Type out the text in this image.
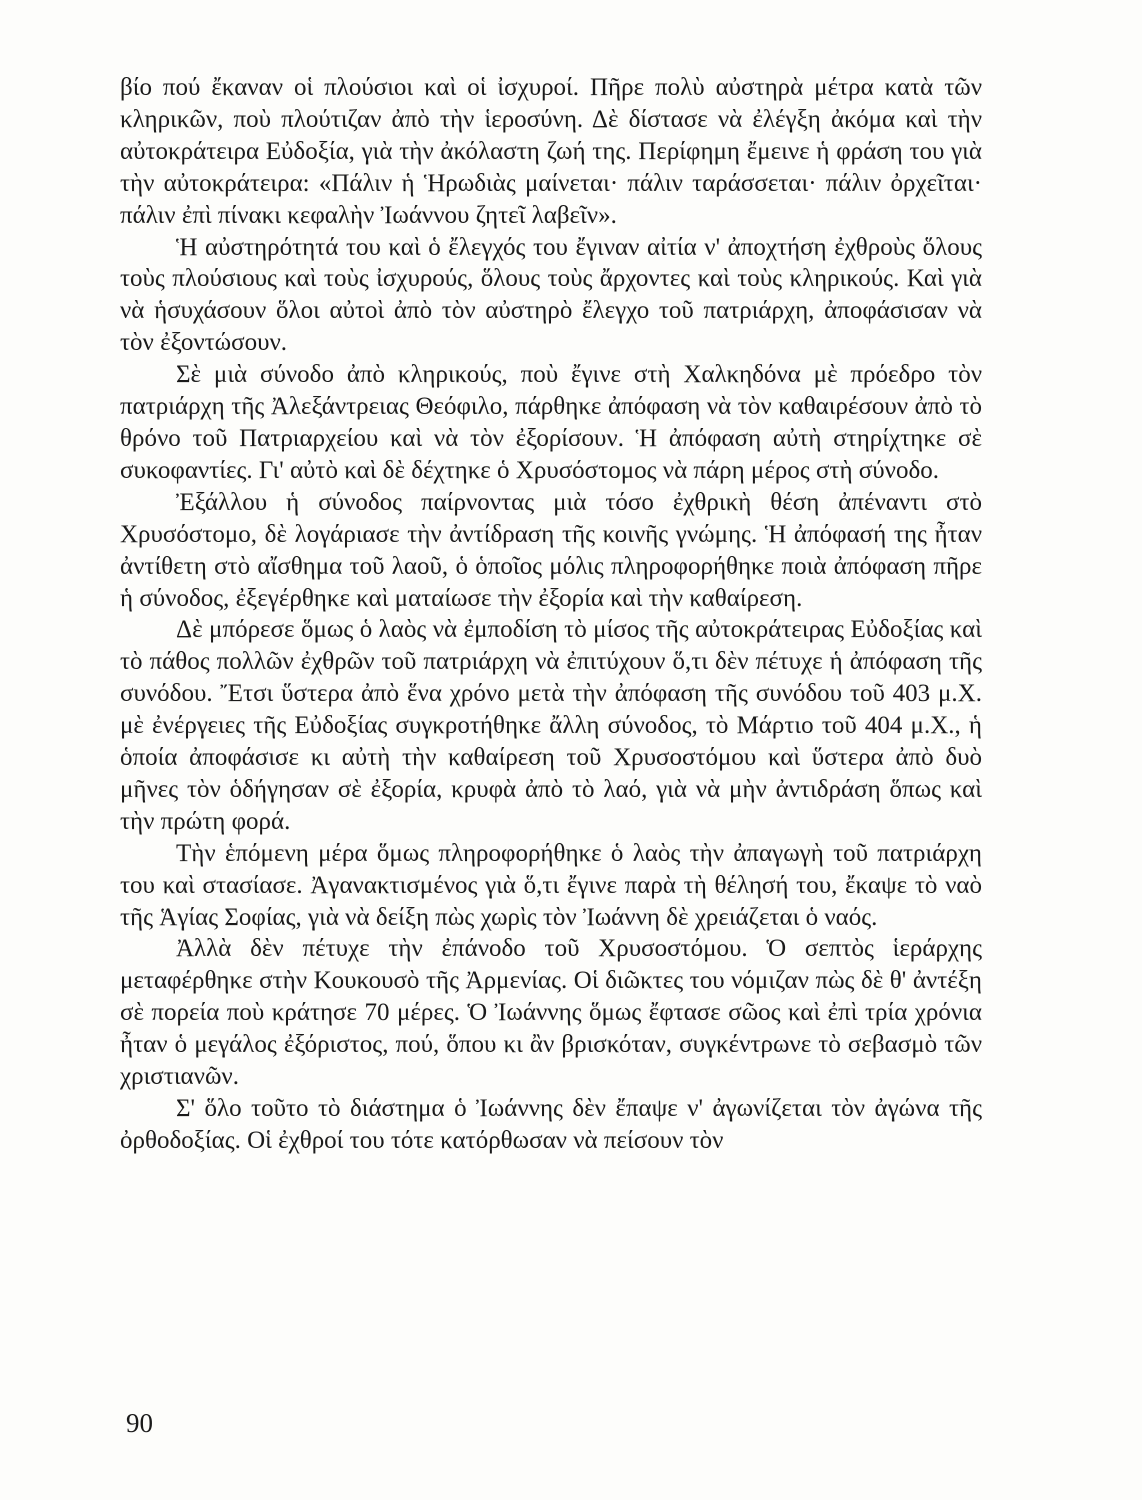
βίο πού ἔκαναν οἱ πλούσιοι καὶ οἱ ἰσχυροί. Πῆρε πολὺ αὐστηρὰ μέτρα κατὰ τῶν κληρικῶν, ποὺ πλούτιζαν ἀπὸ τὴν ἱεροσύνη. Δὲ δίστασε νὰ ἐλέγξη ἀκόμα καὶ τὴν αὐτοκράτειρα Εὐδοξία, γιὰ τὴν ἀκόλαστη ζωή της. Περίφημη ἔμεινε ἡ φράση του γιὰ τὴν αὐτοκράτειρα: «Πάλιν ἡ Ἡρωδιὰς μαίνεται· πάλιν ταράσσεται· πάλιν ὀρχεῖται· πάλιν ἐπὶ πίνακι κεφαλὴν Ἰωάννου ζητεῖ λαβεῖν».

Ἡ αὐστηρότητά του καὶ ὁ ἔλεγχός του ἔγιναν αἰτία ν' ἀποχτήση ἐχθροὺς ὅλους τοὺς πλούσιους καὶ τοὺς ἰσχυρούς, ὅλους τοὺς ἄρχοντες καὶ τοὺς κληρικούς. Καὶ γιὰ νὰ ἡσυχάσουν ὅλοι αὐτοὶ ἀπὸ τὸν αὐστηρὸ ἔλεγχο τοῦ πατριάρχη, ἀποφάσισαν νὰ τὸν ἐξοντώσουν.

Σὲ μιὰ σύνοδο ἀπὸ κληρικούς, ποὺ ἔγινε στὴ Χαλκηδόνα μὲ πρόεδρο τὸν πατριάρχη τῆς Ἀλεξάντρειας Θεόφιλο, πάρθηκε ἀπόφαση νὰ τὸν καθαιρέσουν ἀπὸ τὸ θρόνο τοῦ Πατριαρχείου καὶ νὰ τὸν ἐξορίσουν. Ἡ ἀπόφαση αὐτὴ στηρίχτηκε σὲ συκοφαντίες. Γι' αὐτὸ καὶ δὲ δέχτηκε ὁ Χρυσόστομος νὰ πάρη μέρος στὴ σύνοδο.

Ἐξάλλου ἡ σύνοδος παίρνοντας μιὰ τόσο ἐχθρικὴ θέση ἀπέναντι στὸ Χρυσόστομο, δὲ λογάριασε τὴν ἀντίδραση τῆς κοινῆς γνώμης. Ἡ ἀπόφασή της ἦταν ἀντίθετη στὸ αἴσθημα τοῦ λαοῦ, ὁ ὁποῖος μόλις πληροφορήθηκε ποιὰ ἀπόφαση πῆρε ἡ σύνοδος, ἐξεγέρθηκε καὶ ματαίωσε τὴν ἐξορία καὶ τὴν καθαίρεση.

Δὲ μπόρεσε ὅμως ὁ λαὸς νὰ ἐμποδίση τὸ μίσος τῆς αὐτοκράτειρας Εὐδοξίας καὶ τὸ πάθος πολλῶν ἐχθρῶν τοῦ πατριάρχη νὰ ἐπιτύχουν ὅ,τι δὲν πέτυχε ἡ ἀπόφαση τῆς συνόδου. Ἔτσι ὕστερα ἀπὸ ἕνα χρόνο μετὰ τὴν ἀπόφαση τῆς συνόδου τοῦ 403 μ.Χ. μὲ ἐνέργειες τῆς Εὐδοξίας συγκροτήθηκε ἄλλη σύνοδος, τὸ Μάρτιο τοῦ 404 μ.Χ., ἡ ὁποία ἀποφάσισε κι αὐτὴ τὴν καθαίρεση τοῦ Χρυσοστόμου καὶ ὕστερα ἀπὸ δυὸ μῆνες τὸν ὁδήγησαν σὲ ἐξορία, κρυφὰ ἀπὸ τὸ λαό, γιὰ νὰ μὴν ἀντιδράση ὅπως καὶ τὴν πρώτη φορά.

Τὴν ἑπόμενη μέρα ὅμως πληροφορήθηκε ὁ λαὸς τὴν ἀπαγωγὴ τοῦ πατριάρχη του καὶ στασίασε. Ἀγανακτισμένος γιὰ ὅ,τι ἔγινε παρὰ τὴ θέλησή του, ἔκαψε τὸ ναὸ τῆς Ἁγίας Σοφίας, γιὰ νὰ δείξη πὼς χωρὶς τὸν Ἰωάννη δὲ χρειάζεται ὁ ναός.

Ἀλλὰ δὲν πέτυχε τὴν ἐπάνοδο τοῦ Χρυσοστόμου. Ὁ σεπτὸς ἱεράρχης μεταφέρθηκε στὴν Κουκουσὸ τῆς Ἀρμενίας. Οἱ διῶκτες του νόμιζαν πὼς δὲ θ' ἀντέξη σὲ πορεία ποὺ κράτησε 70 μέρες. Ὁ Ἰωάννης ὅμως ἔφτασε σῶος καὶ ἐπὶ τρία χρόνια ἦταν ὁ μεγάλος ἐξόριστος, πού, ὅπου κι ἂν βρισκόταν, συγκέντρωνε τὸ σεβασμὸ τῶν χριστιανῶν.

Σ' ὅλο τοῦτο τὸ διάστημα ὁ Ἰωάννης δὲν ἔπαψε ν' ἀγωνίζεται τὸν ἀγώνα τῆς ὀρθοδοξίας. Οἱ ἐχθροί του τότε κατόρθωσαν νὰ πείσουν τὸν

90
